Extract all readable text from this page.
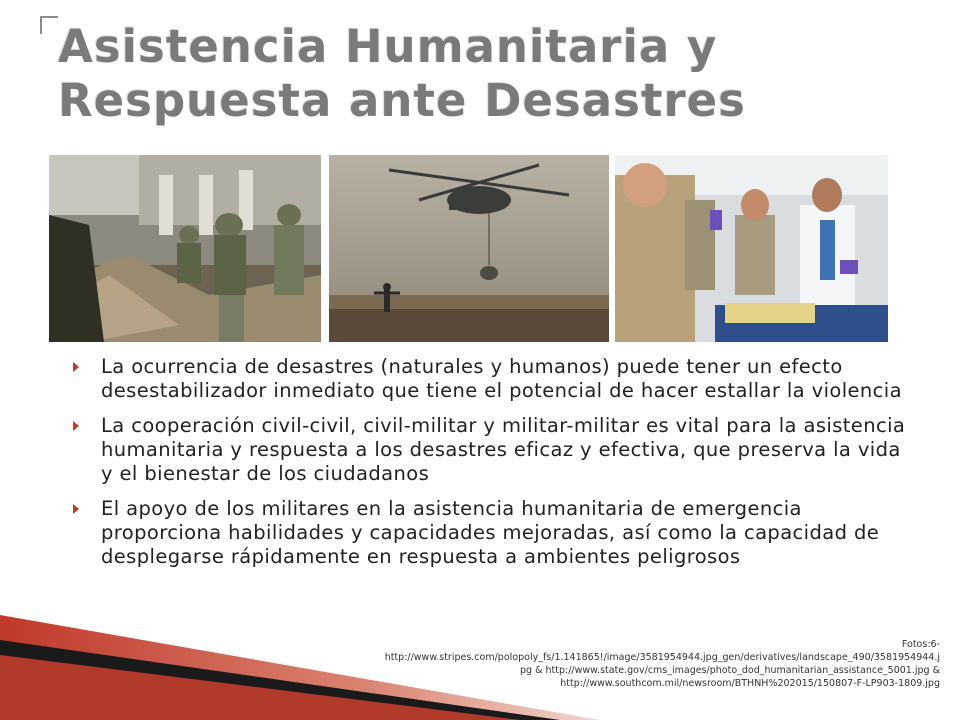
Asistencia Humanitaria y
Respuesta ante Desastres
La ocurrencia de desastres (naturales y humanos) puede tener un efecto desestabilizador inmediato que tiene el potencial de hacer estallar la violencia
La cooperación civil-civil, civil-militar y militar-militar es vital para la asistencia humanitaria y respuesta a los desastres eficaz y efectiva, que preserva la vida y el bienestar de los ciudadanos
El apoyo de los militares en la asistencia humanitaria de emergencia proporciona habilidades y capacidades mejoradas, así como la capacidad de desplegarse rápidamente en respuesta a ambientes peligrosos
Fotos:6-
http://www.stripes.com/polopoly_fs/1.141865!/image/3581954944.jpg_gen/derivatives/landscape_490/3581954944.j
pg & http://www.state.gov/cms_images/photo_dod_humanitarian_assistance_5001.jpg &
http://www.southcom.mil/newsroom/BTHNH%202015/150807-F-LP903-1809.jpg
